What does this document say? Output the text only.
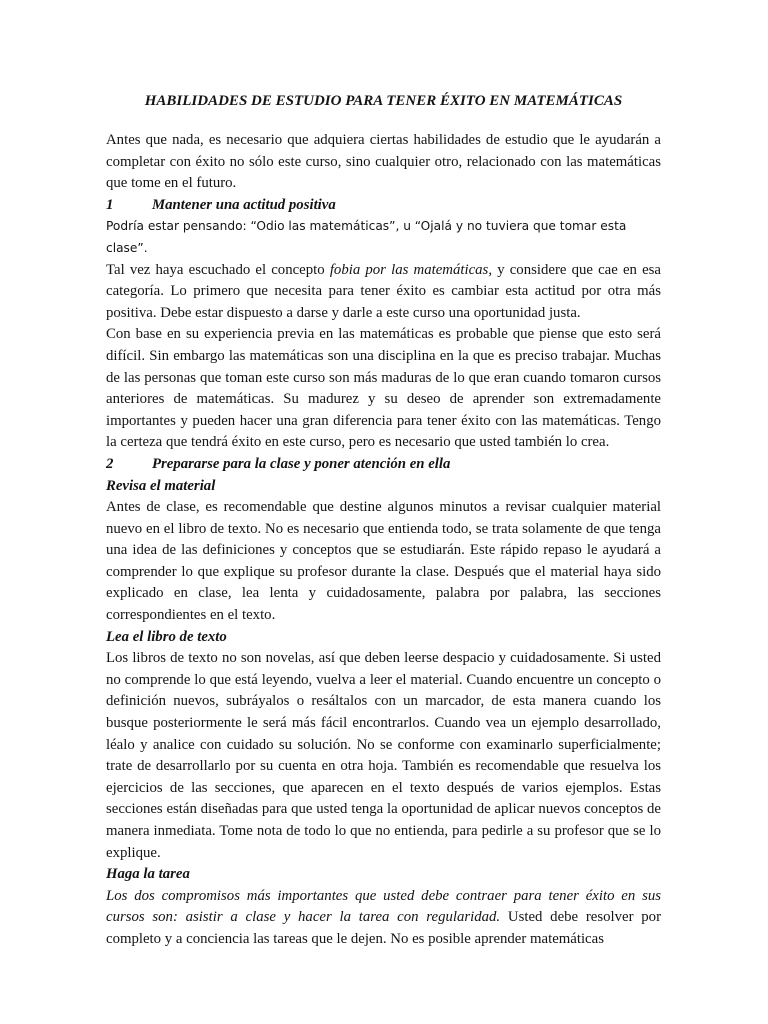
HABILIDADES DE ESTUDIO PARA TENER ÉXITO EN MATEMÁTICAS

Antes que nada, es necesario que adquiera ciertas habilidades de estudio que le ayudarán a completar con éxito no sólo este curso, sino cualquier otro, relacionado con las matemáticas que tome en el futuro.

1	Mantener una actitud positiva

Podría estar pensando: “Odio las matemáticas”, u “Ojalá y no tuviera que tomar esta clase”.

Tal vez haya escuchado el concepto fobia por las matemáticas, y considere que cae en esa categoría. Lo primero que necesita para tener éxito es cambiar esta actitud por otra más positiva. Debe estar dispuesto a darse y darle a este curso una oportunidad justa.

Con base en su experiencia previa en las matemáticas es probable que piense que esto será difícil. Sin embargo las matemáticas son una disciplina en la que es preciso trabajar. Muchas de las personas que toman este curso son más maduras de lo que eran cuando tomaron cursos anteriores de matemáticas. Su madurez y su deseo de aprender son extremadamente importantes y pueden hacer una gran diferencia para tener éxito con las matemáticas. Tengo la certeza que tendrá éxito en este curso, pero es necesario que usted también lo crea.

2	Prepararse para la clase y poner atención en ella

Revisa el material

Antes de clase, es recomendable que destine algunos minutos a revisar cualquier material nuevo en el libro de texto. No es necesario que entienda todo, se trata solamente de que tenga una idea de las definiciones y conceptos que se estudiarán. Este rápido repaso le ayudará a comprender lo que explique su profesor durante la clase. Después que el material haya sido explicado en clase, lea lenta y cuidadosamente, palabra por palabra, las secciones correspondientes en el texto.

Lea el libro de texto

Los libros de texto no son novelas, así que deben leerse despacio y cuidadosamente. Si usted no comprende lo que está leyendo, vuelva a leer el material. Cuando encuentre un concepto o definición nuevos, subráyalos o resáltalos con un marcador, de esta manera cuando los busque posteriormente le será más fácil encontrarlos. Cuando vea un ejemplo desarrollado, léalo y analice con cuidado su solución. No se conforme con examinarlo superficialmente; trate de desarrollarlo por su cuenta en otra hoja. También es recomendable que resuelva los ejercicios de las secciones, que aparecen en el texto después de varios ejemplos. Estas secciones están diseñadas para que usted tenga la oportunidad de aplicar nuevos conceptos de manera inmediata. Tome nota de todo lo que no entienda, para pedirle a su profesor que se lo explique.

Haga la tarea

Los dos compromisos más importantes que usted debe contraer para tener éxito en sus cursos son: asistir a clase y hacer la tarea con regularidad. Usted debe resolver por completo y a conciencia las tareas que le dejen. No es posible aprender matemáticas
